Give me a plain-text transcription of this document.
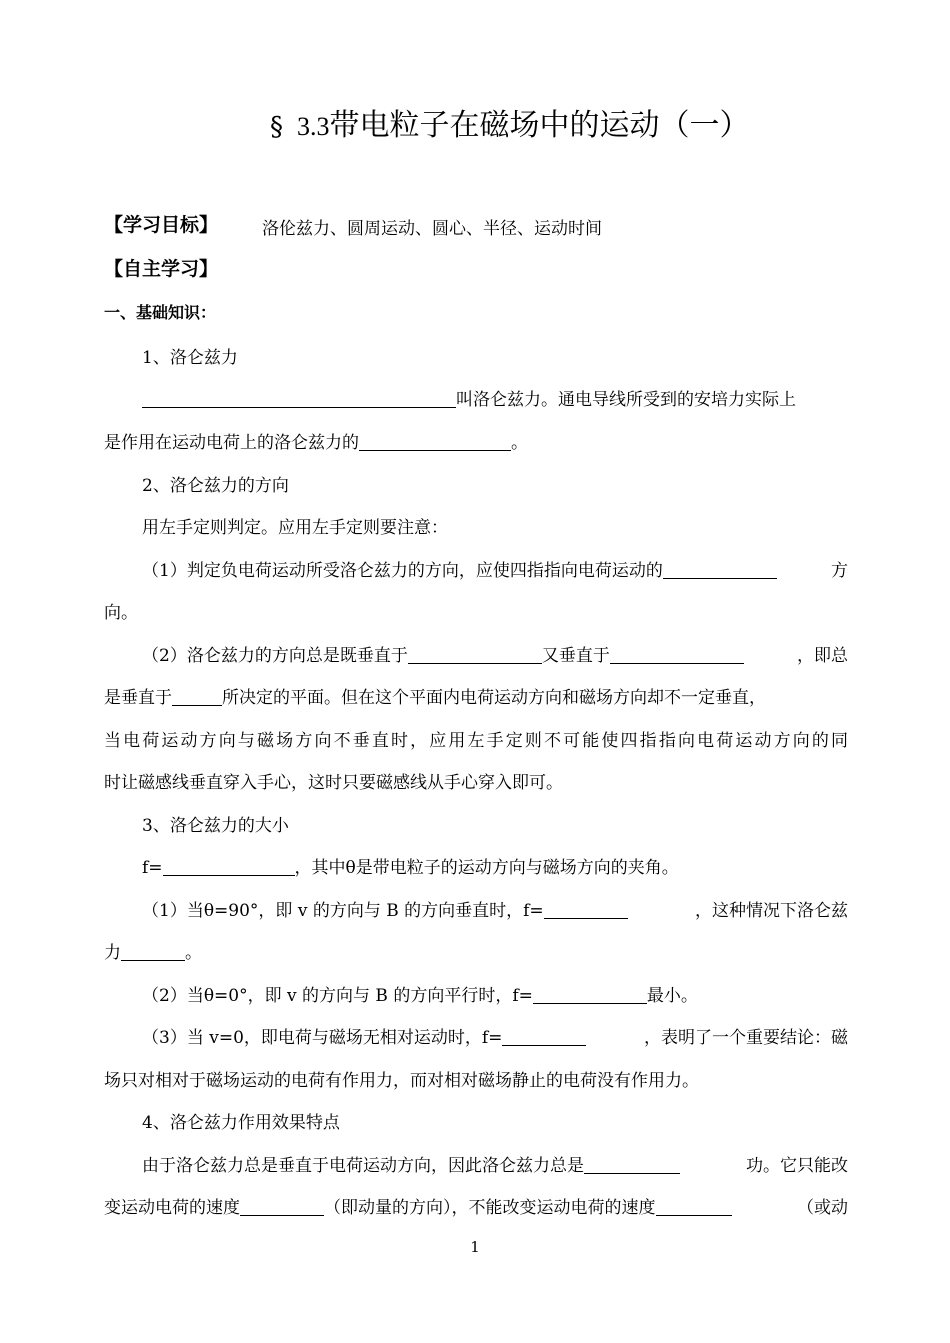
§ 3.3带电粒子在磁场中的运动（一）
【学习目标】	洛伦兹力、圆周运动、圆心、半径、运动时间
【自主学习】
一、基础知识：
1、洛仑兹力
叫洛仑兹力。通电导线所受到的安培力实际上
是作用在运动电荷上的洛仑兹力的	。
2、洛仑兹力的方向
用左手定则判定。应用左手定则要注意：
（1）判定负电荷运动所受洛仑兹力的方向，应使四指指向电荷运动的	方
向。
（2）洛仑兹力的方向总是既垂直于	又垂直于	，即总
是垂直于	所决定的平面。但在这个平面内电荷运动方向和磁场方向却不一定垂直，
当电荷运动方向与磁场方向不垂直时，应用左手定则不可能使四指指向电荷运动方向的同
时让磁感线垂直穿入手心，这时只要磁感线从手心穿入即可。
3、洛仑兹力的大小
f=	，其中θ是带电粒子的运动方向与磁场方向的夹角。
（1）当θ=90°，即 v 的方向与 B 的方向垂直时，f=	，这种情况下洛仑兹
力	。
（2）当θ=0°，即 v 的方向与 B 的方向平行时，f=	最小。
（3）当 v=0，即电荷与磁场无相对运动时，f=	，表明了一个重要结论：磁
场只对相对于磁场运动的电荷有作用力，而对相对磁场静止的电荷没有作用力。
4、洛仑兹力作用效果特点
由于洛仑兹力总是垂直于电荷运动方向，因此洛仑兹力总是	功。它只能改
变运动电荷的速度	（即动量的方向），不能改变运动电荷的速度	（或动
1
